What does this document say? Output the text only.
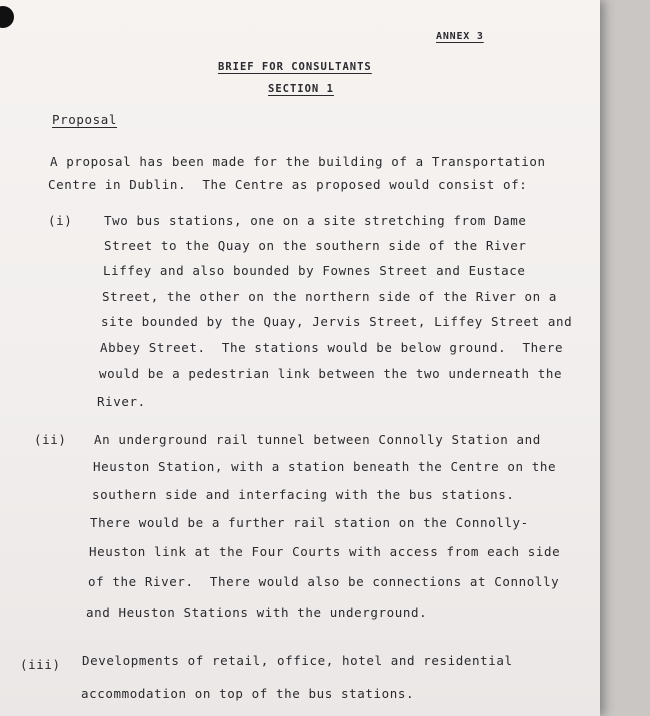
ANNEX 3
BRIEF FOR CONSULTANTS
SECTION 1
Proposal
A proposal has been made for the building of a Transportation
Centre in Dublin.  The Centre as proposed would consist of:
(i)	Two bus stations, one on a site stretching from Dame
Street to the Quay on the southern side of the River
Liffey and also bounded by Fownes Street and Eustace
Street, the other on the northern side of the River on a
site bounded by the Quay, Jervis Street, Liffey Street and
Abbey Street.  The stations would be below ground.  There
would be a pedestrian link between the two underneath the
River.
(ii) An underground rail tunnel between Connolly Station and
Heuston Station, with a station beneath the Centre on the
southern side and interfacing with the bus stations.
There would be a further rail station on the Connolly-
Heuston link at the Four Courts with access from each side
of the River.  There would also be connections at Connolly
and Heuston Stations with the underground.
(iii) Developments of retail, office, hotel and residential
accommodation on top of the bus stations.
